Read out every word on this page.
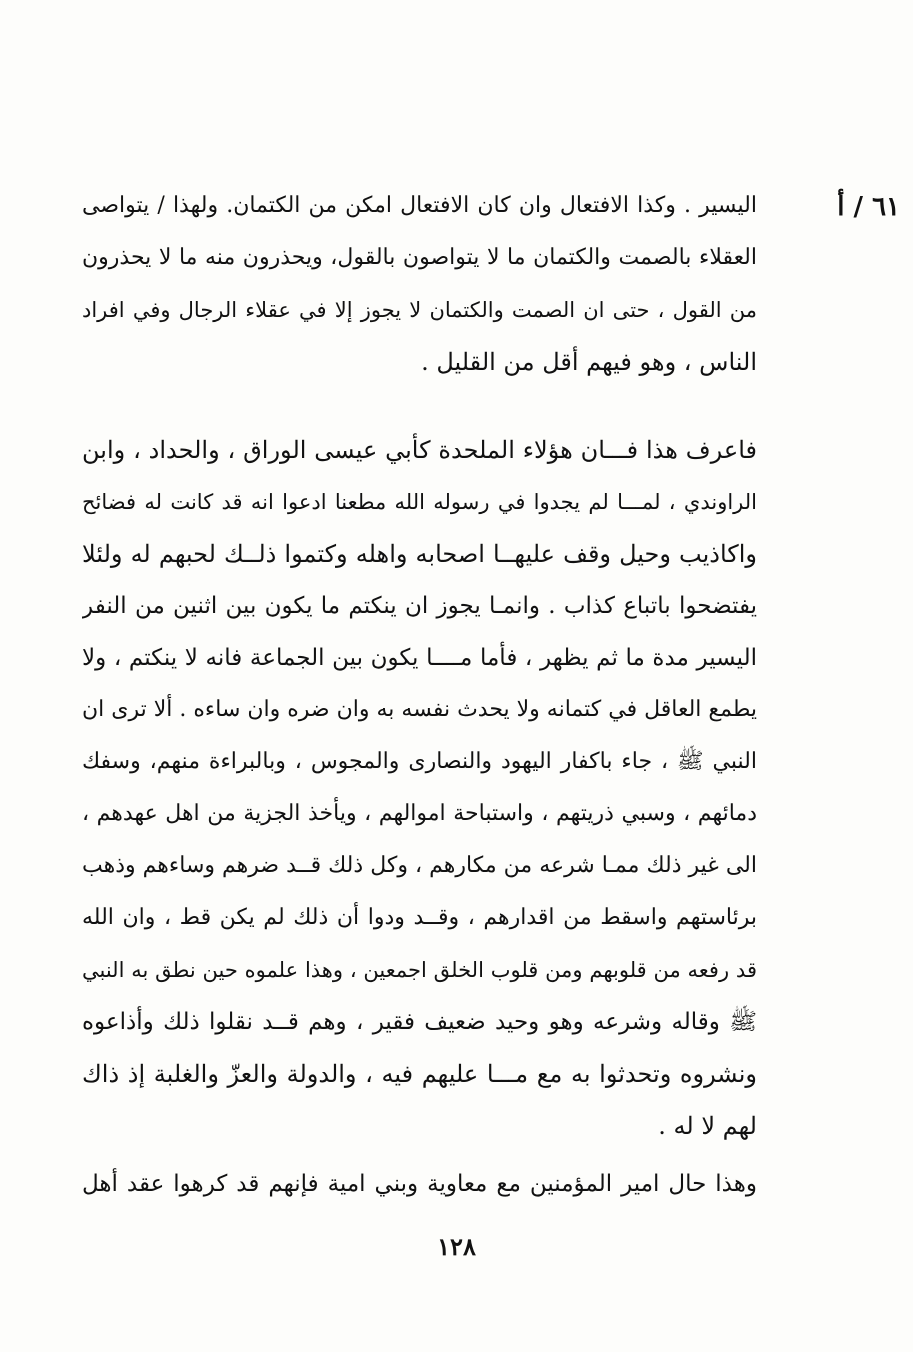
٦١ / أ
اليسير . وكذا الافتعال وان كان الافتعال امكن من الكتمان. ولهذا / يتواصى
العقلاء بالصمت والكتمان ما لا يتواصون بالقول، ويحذرون منه ما لا يحذرون
من القول ، حتى ان الصمت والكتمان لا يجوز إلا في عقلاء الرجال وفي افراد
الناس ، وهو فيهم أقل من القليل .
فاعرف هذا فـــان هؤلاء الملحدة كأبي عيسى الوراق ، والحداد ، وابن
الراوندي ، لمـــا لم يجدوا في رسوله الله مطعنا ادعوا انه قد كانت له فضائح
واكاذيب وحيل وقف عليهــا اصحابه واهله وكتموا ذلــك لحبهم له ولئلا
يفتضحوا باتباع كذاب . وانمـا يجوز ان ينكتم ما يكون بين اثنين من النفر
اليسير مدة ما ثم يظهر ، فأما مــــا يكون بين الجماعة فانه لا ينكتم ، ولا
يطمع العاقل في كتمانه ولا يحدث نفسه به وان ضره وان ساءه . ألا ترى ان
النبي ﷺ ، جاء باكفار اليهود والنصارى والمجوس ، وبالبراءة منهم، وسفك
دمائهم ، وسبي ذريتهم ، واستباحة اموالهم ، ويأخذ الجزية من اهل عهدهم ،
الى غير ذلك ممـا شرعه من مكارهم ، وكل ذلك قــد ضرهم وساءهم وذهب
برئاستهم واسقط من اقدارهم ، وقــد ودوا أن ذلك لم يكن قط ، وان الله
قد رفعه من قلوبهم ومن قلوب الخلق اجمعين ، وهذا علموه حين نطق به النبي
ﷺ وقاله وشرعه وهو وحيد ضعيف فقير ، وهم قــد نقلوا ذلك وأذاعوه
ونشروه وتحدثوا به مع مـــا عليهم فيه ، والدولة والعزّ والغلبة إذ ذاك
لهم لا له .
وهذا حال امير المؤمنين مع معاوية وبني امية فإنهم قد كرهوا عقد أهل
١٢٨
